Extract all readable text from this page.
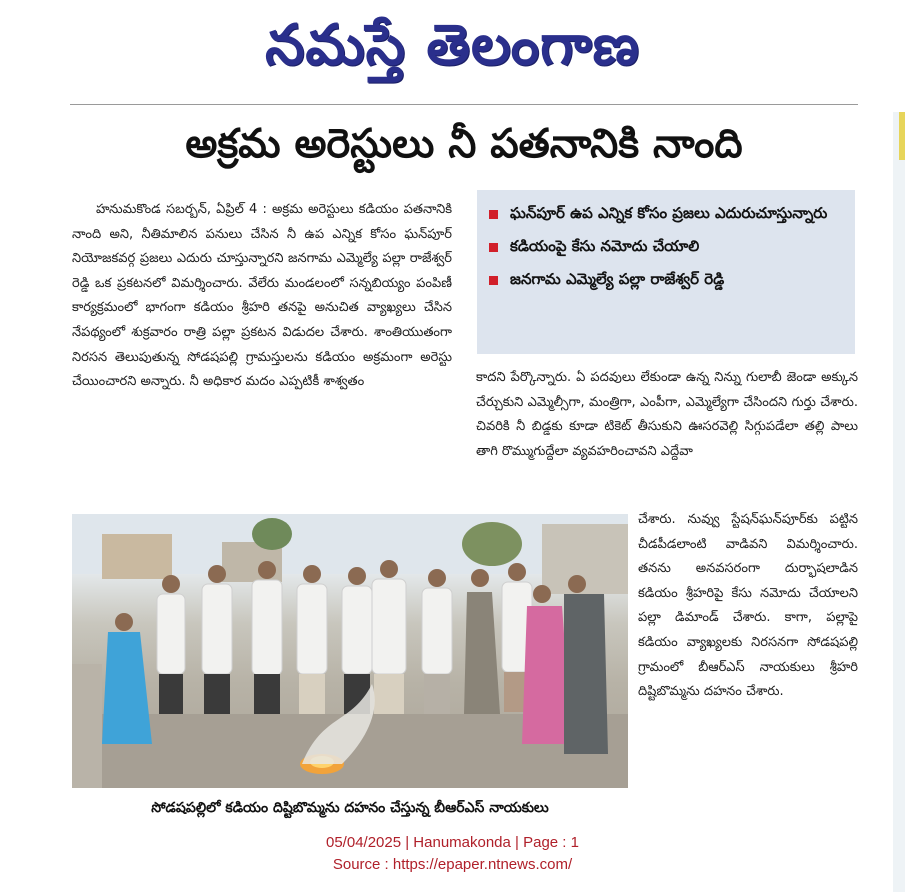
నమస్తే తెలంగాణ
అక్రమ అరెస్టులు నీ పతనానికి నాంది
హనుమకొండ సబర్బన్, ఏప్రిల్ 4 : అక్రమ అరెస్టులు కడియం పతనానికి నాంది అని, నీతిమాలిన పనులు చేసిన నీ ఉప ఎన్నిక కోసం ఘన్‌పూర్ నియోజకవర్గ ప్రజలు ఎదురు చూస్తున్నారని జనగామ ఎమ్మెల్యే పల్లా రాజేశ్వర్ రెడ్డి ఒక ప్రకటనలో విమర్శించారు. వేలేరు మండలంలో సన్నబియ్యం పంపిణీ కార్యక్రమంలో భాగంగా కడియం శ్రీహరి తనపై అనుచిత వ్యాఖ్యలు చేసిన నేపథ్యంలో శుక్రవారం రాత్రి పల్లా ప్రకటన విడుదల చేశారు. శాంతియుతంగా నిరసన తెలుపుతున్న సోడషపల్లి గ్రామస్తులను కడియం అక్రమంగా అరెస్టు చేయించారని అన్నారు. నీ అధికార మదం ఎప్పటికీ శాశ్వతం
ఘన్‌పూర్ ఉప ఎన్నిక కోసం ప్రజలు ఎదురుచూస్తున్నారు
కడియంపై కేసు నమోదు చేయాలి
జనగామ ఎమ్మెల్యే పల్లా రాజేశ్వర్ రెడ్డి
కాదని పేర్కొన్నారు. ఏ పదవులు లేకుండా ఉన్న నిన్ను గులాబీ జెండా అక్కున చేర్చుకుని ఎమ్మెల్సీగా, మంత్రిగా, ఎంపీగా, ఎమ్మెల్యేగా చేసిందని గుర్తు చేశారు. చివరికి నీ బిడ్డకు కూడా టికెట్ తీసుకుని ఊసరవెల్లి సిగ్గుపడేలా తల్లి పాలు తాగి రొమ్ముగుద్దేలా వ్యవహరించావని ఎద్దేవా
చేశారు. నువ్వు స్టేషన్‌ఘన్‌పూర్‌కు పట్టిన చీడపీడలాంటి వాడివని విమర్శించారు. తనను అనవసరంగా దుర్భాషలాడిన కడియం శ్రీహరిపై కేసు నమోదు చేయాలని పల్లా డిమాండ్ చేశారు. కాగా, పల్లాపై కడియం వ్యాఖ్యలకు నిరసనగా సోడషపల్లి గ్రామంలో బీఆర్ఎస్ నాయకులు శ్రీహరి దిష్టిబొమ్మను దహనం చేశారు.
సోడషపల్లిలో కడియం దిష్టిబొమ్మను దహనం చేస్తున్న బీఆర్ఎస్ నాయకులు
05/04/2025 | Hanumakonda | Page : 1
Source : https://epaper.ntnews.com/
